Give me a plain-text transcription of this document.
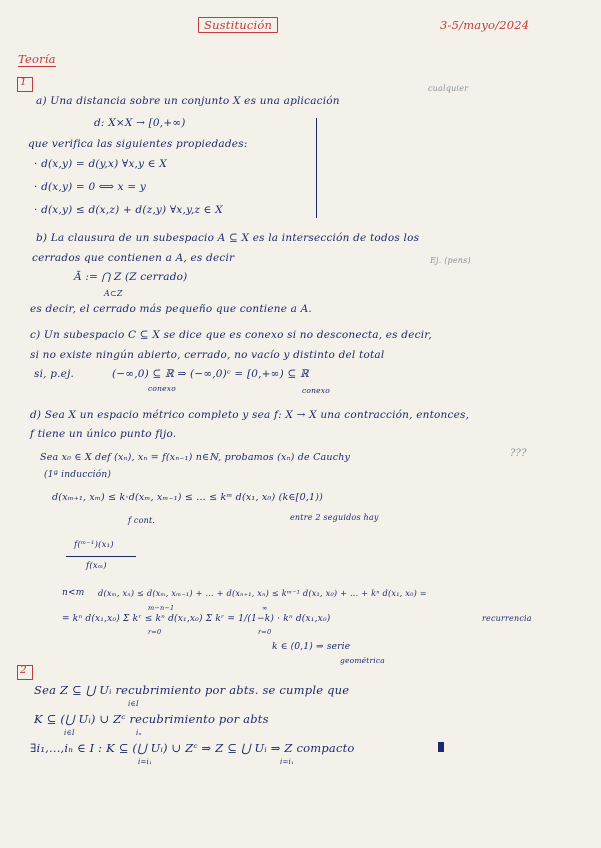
Sustitución	3-5/mayo/2024
Teoría
1
a) Una distancia sobre un conjunto X es una aplicación
cualquier
d: X×X → [0,+∞)
que verifica las siguientes propiedades:
· d(x,y) = d(y,x) ∀x,y ∈ X
· d(x,y) = 0 ⟺ x = y
· d(x,y) ≤ d(x,z) + d(z,y) ∀x,y,z ∈ X
b) La clausura de un subespacio A ⊆ X es la intersección de todos los
cerrados que contienen a A, es decir	Ej. (pens)
Ā := ⋂ Z (Z cerrado)
A⊂Z
es decir, el cerrado más pequeño que contiene a A.
c) Un subespacio C ⊆ X se dice que es conexo si no desconecta, es decir,
si no existe ningún abierto, cerrado, no vacío y distinto del total
si, p.ej.	(−∞,0) ⊆ ℝ ⇒ (−∞,0)ᶜ = [0,+∞) ⊆ ℝ
conexo	conexo
d) Sea X un espacio métrico completo y sea f: X → X una contracción, entonces,
f tiene un único punto fijo.
Sea x₀ ∈ X def (xₙ), xₙ = f(xₙ₋₁) n∈ℕ, probamos (xₙ) de Cauchy	???
(1ª inducción)
d(xₘ₊₁, xₘ) ≤ k·d(xₘ, xₘ₋₁) ≤ ... ≤ kᵐ d(x₁, x₀) (k∈[0,1))
f cont.	entre 2 seguidos hay
f(ᵐ⁻¹)(x₁)
f(xₘ)
n<m d(xₘ, xₙ) ≤ d(xₘ, xₘ₋₁) + ... + d(xₙ₊₁, xₙ) ≤ kᵐ⁻¹ d(x₁, x₀) + ... + kⁿ d(x₁, x₀) =
m−n−1
r=0
= kⁿ d(x₁,x₀) Σ kʳ ≤ kⁿ d(x₁,x₀) Σ kʳ = 1/(1−k) · kⁿ d(x₁,x₀)
∞
r=0
recurrencia
k ∈ (0,1) ⇒ serie
geométrica
2
Sea Z ⊆ ⋃ Uᵢ recubrimiento por abts. se cumple que
i∈I
K ⊆ (⋃ Uᵢ) ∪ Zᶜ recubrimiento por abts
i∈I	iₙ
∃i₁,...,iₙ ∈ I : K ⊆ (⋃ Uᵢ) ∪ Zᶜ ⇒ Z ⊆ ⋃ Uᵢ ⇒ Z compacto
i=i₁	i=i₁
